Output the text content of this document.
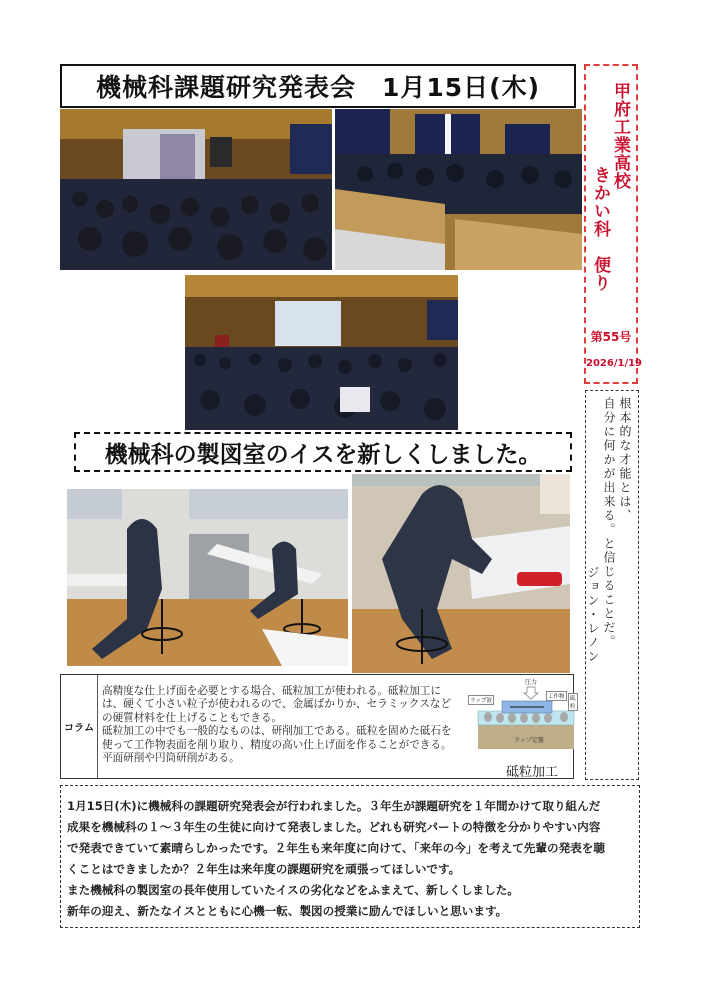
機械科課題研究発表会　1月15日(木)	甲府工業高校
きかい科　便り
第55号
2026/1/19
機械科の製図室のイスを新しくしました。	根本的な才能とは、
自分に何かが出来る。と信じることだ。
ジョン・レノン
コラム
高精度な仕上げ面を必要とする場合、砥粒加工が使われる。砥粒加工には、硬くて小さい粒子が使われるので、金属ばかりか、セラミックスなどの硬質材料を仕上げることもできる。
砥粒加工の中でも一般的なものは、研削加工である。砥粒を固めた砥石を使って工作物表面を削り取り、精度の高い仕上げ面を作ることができる。平面研削や円筒研削がある。
圧力
工作物 砥粒
ラップ液
ラップ定盤
砥粒加工

1月15日(木)に機械科の課題研究発表会が行われました。３年生が課題研究を１年間かけて取り組んだ

成果を機械科の１～３年生の生徒に向けて発表しました。どれも研究パートの特徴を分かりやすい内容

で発表できていて素晴らしかったです。２年生も来年度に向けて、「来年の今」を考えて先輩の発表を聴

くことはできましたか？２年生は来年度の課題研究を頑張ってほしいです。

また機械科の製図室の長年使用していたイスの劣化などをふまえて、新しくしました。

新年の迎え、新たなイスとともに心機一転、製図の授業に励んでほしいと思います。
